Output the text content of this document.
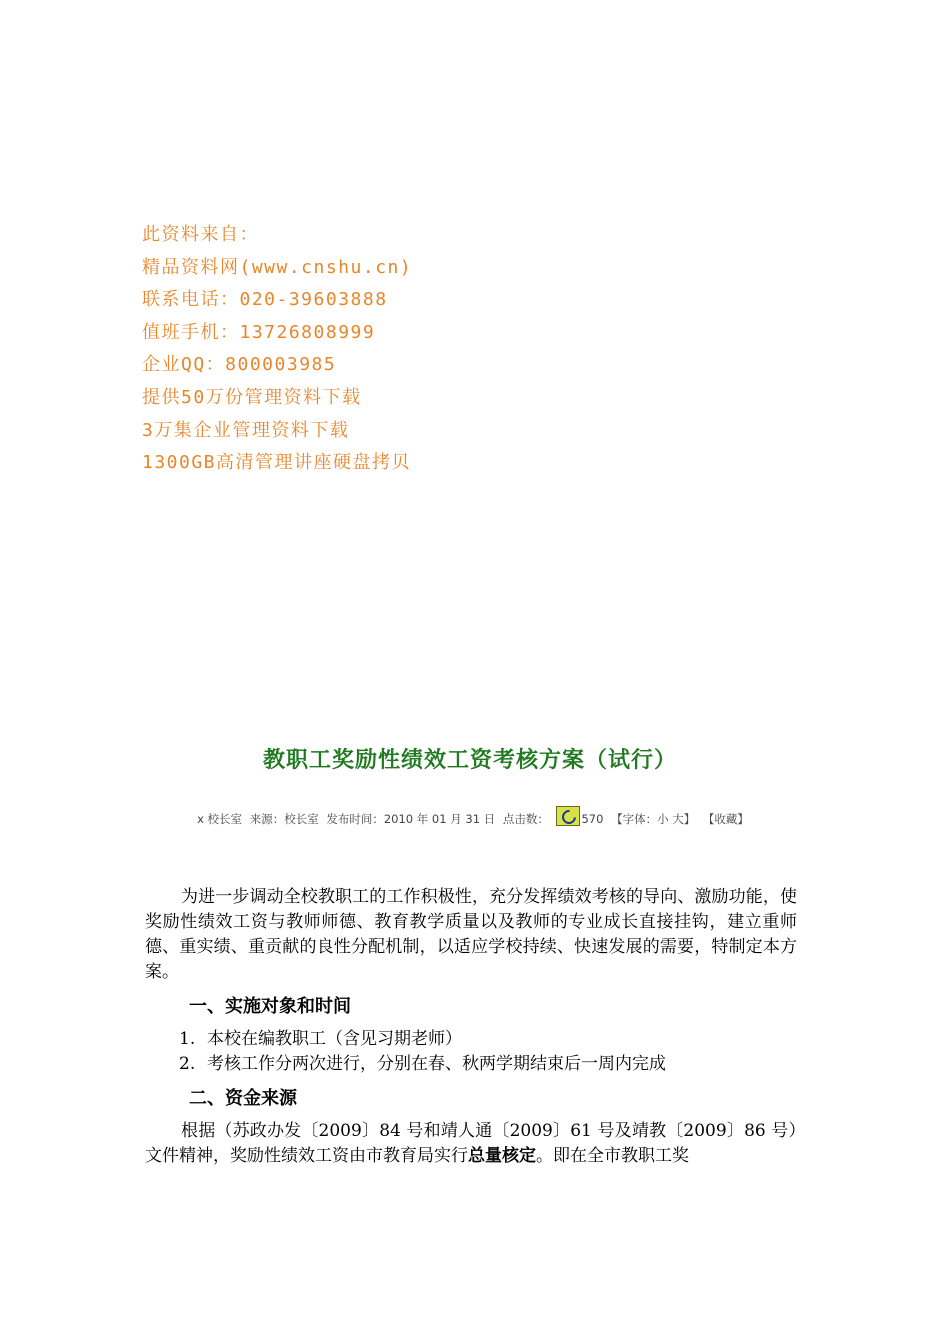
此资料来自：
精品资料网(www.cnshu.cn)
联系电话：020-39603888
值班手机：13726808999
企业QQ：800003985
提供50万份管理资料下载
3万集企业管理资料下载
1300GB高清管理讲座硬盘拷贝
教职工奖励性绩效工资考核方案（试行）
x 校长室 来源：校长室 发布时间：2010 年 01 月 31 日 点击数：	570 【字体：小 大】 【收藏】
为进一步调动全校教职工的工作积极性，充分发挥绩效考核的导向、激励功能，使奖励性绩效工资与教师师德、教育教学质量以及教师的专业成长直接挂钩，建立重师德、重实绩、重贡献的良性分配机制，以适应学校持续、快速发展的需要，特制定本方案。
一、实施对象和时间
1. 本校在编教职工（含见习期老师）
2. 考核工作分两次进行，分别在春、秋两学期结束后一周内完成
二、资金来源
根据（苏政办发〔2009〕84 号和靖人通〔2009〕61 号及靖教〔2009〕86 号）文件精神，奖励性绩效工资由市教育局实行总量核定。即在全市教职工奖
